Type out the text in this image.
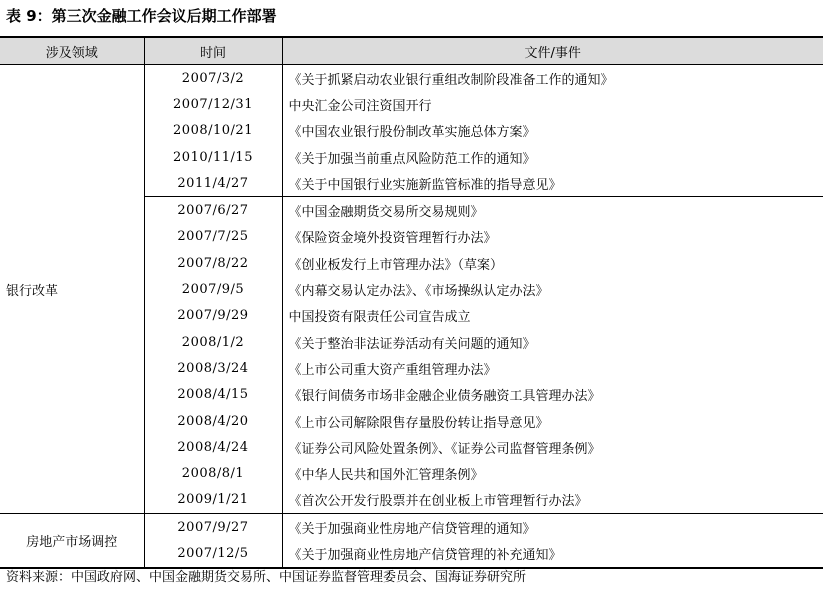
表 9：第三次金融工作会议后期工作部署
涉及领域	时间	文件/事件
银行改革	2007/3/2	《关于抓紧启动农业银行重组改制阶段准备工作的通知》
	2007/12/31	中央汇金公司注资国开行
	2008/10/21	《中国农业银行股份制改革实施总体方案》
	2010/11/15	《关于加强当前重点风险防范工作的通知》
	2011/4/27	《关于中国银行业实施新监管标准的指导意见》
	2007/6/27	《中国金融期货交易所交易规则》
	2007/7/25	《保险资金境外投资管理暂行办法》
	2007/8/22	《创业板发行上市管理办法》（草案）
	2007/9/5	《内幕交易认定办法》、《市场操纵认定办法》
	2007/9/29	中国投资有限责任公司宣告成立
	2008/1/2	《关于整治非法证券活动有关问题的通知》
	2008/3/24	《上市公司重大资产重组管理办法》
	2008/4/15	《银行间债务市场非金融企业债务融资工具管理办法》
	2008/4/20	《上市公司解除限售存量股份转让指导意见》
	2008/4/24	《证券公司风险处置条例》、《证券公司监督管理条例》
	2008/8/1	《中华人民共和国外汇管理条例》
	2009/1/21	《首次公开发行股票并在创业板上市管理暂行办法》
房地产市场调控	2007/9/27	《关于加强商业性房地产信贷管理的通知》
	2007/12/5	《关于加强商业性房地产信贷管理的补充通知》
资料来源：中国政府网、中国金融期货交易所、中国证券监督管理委员会、国海证券研究所
